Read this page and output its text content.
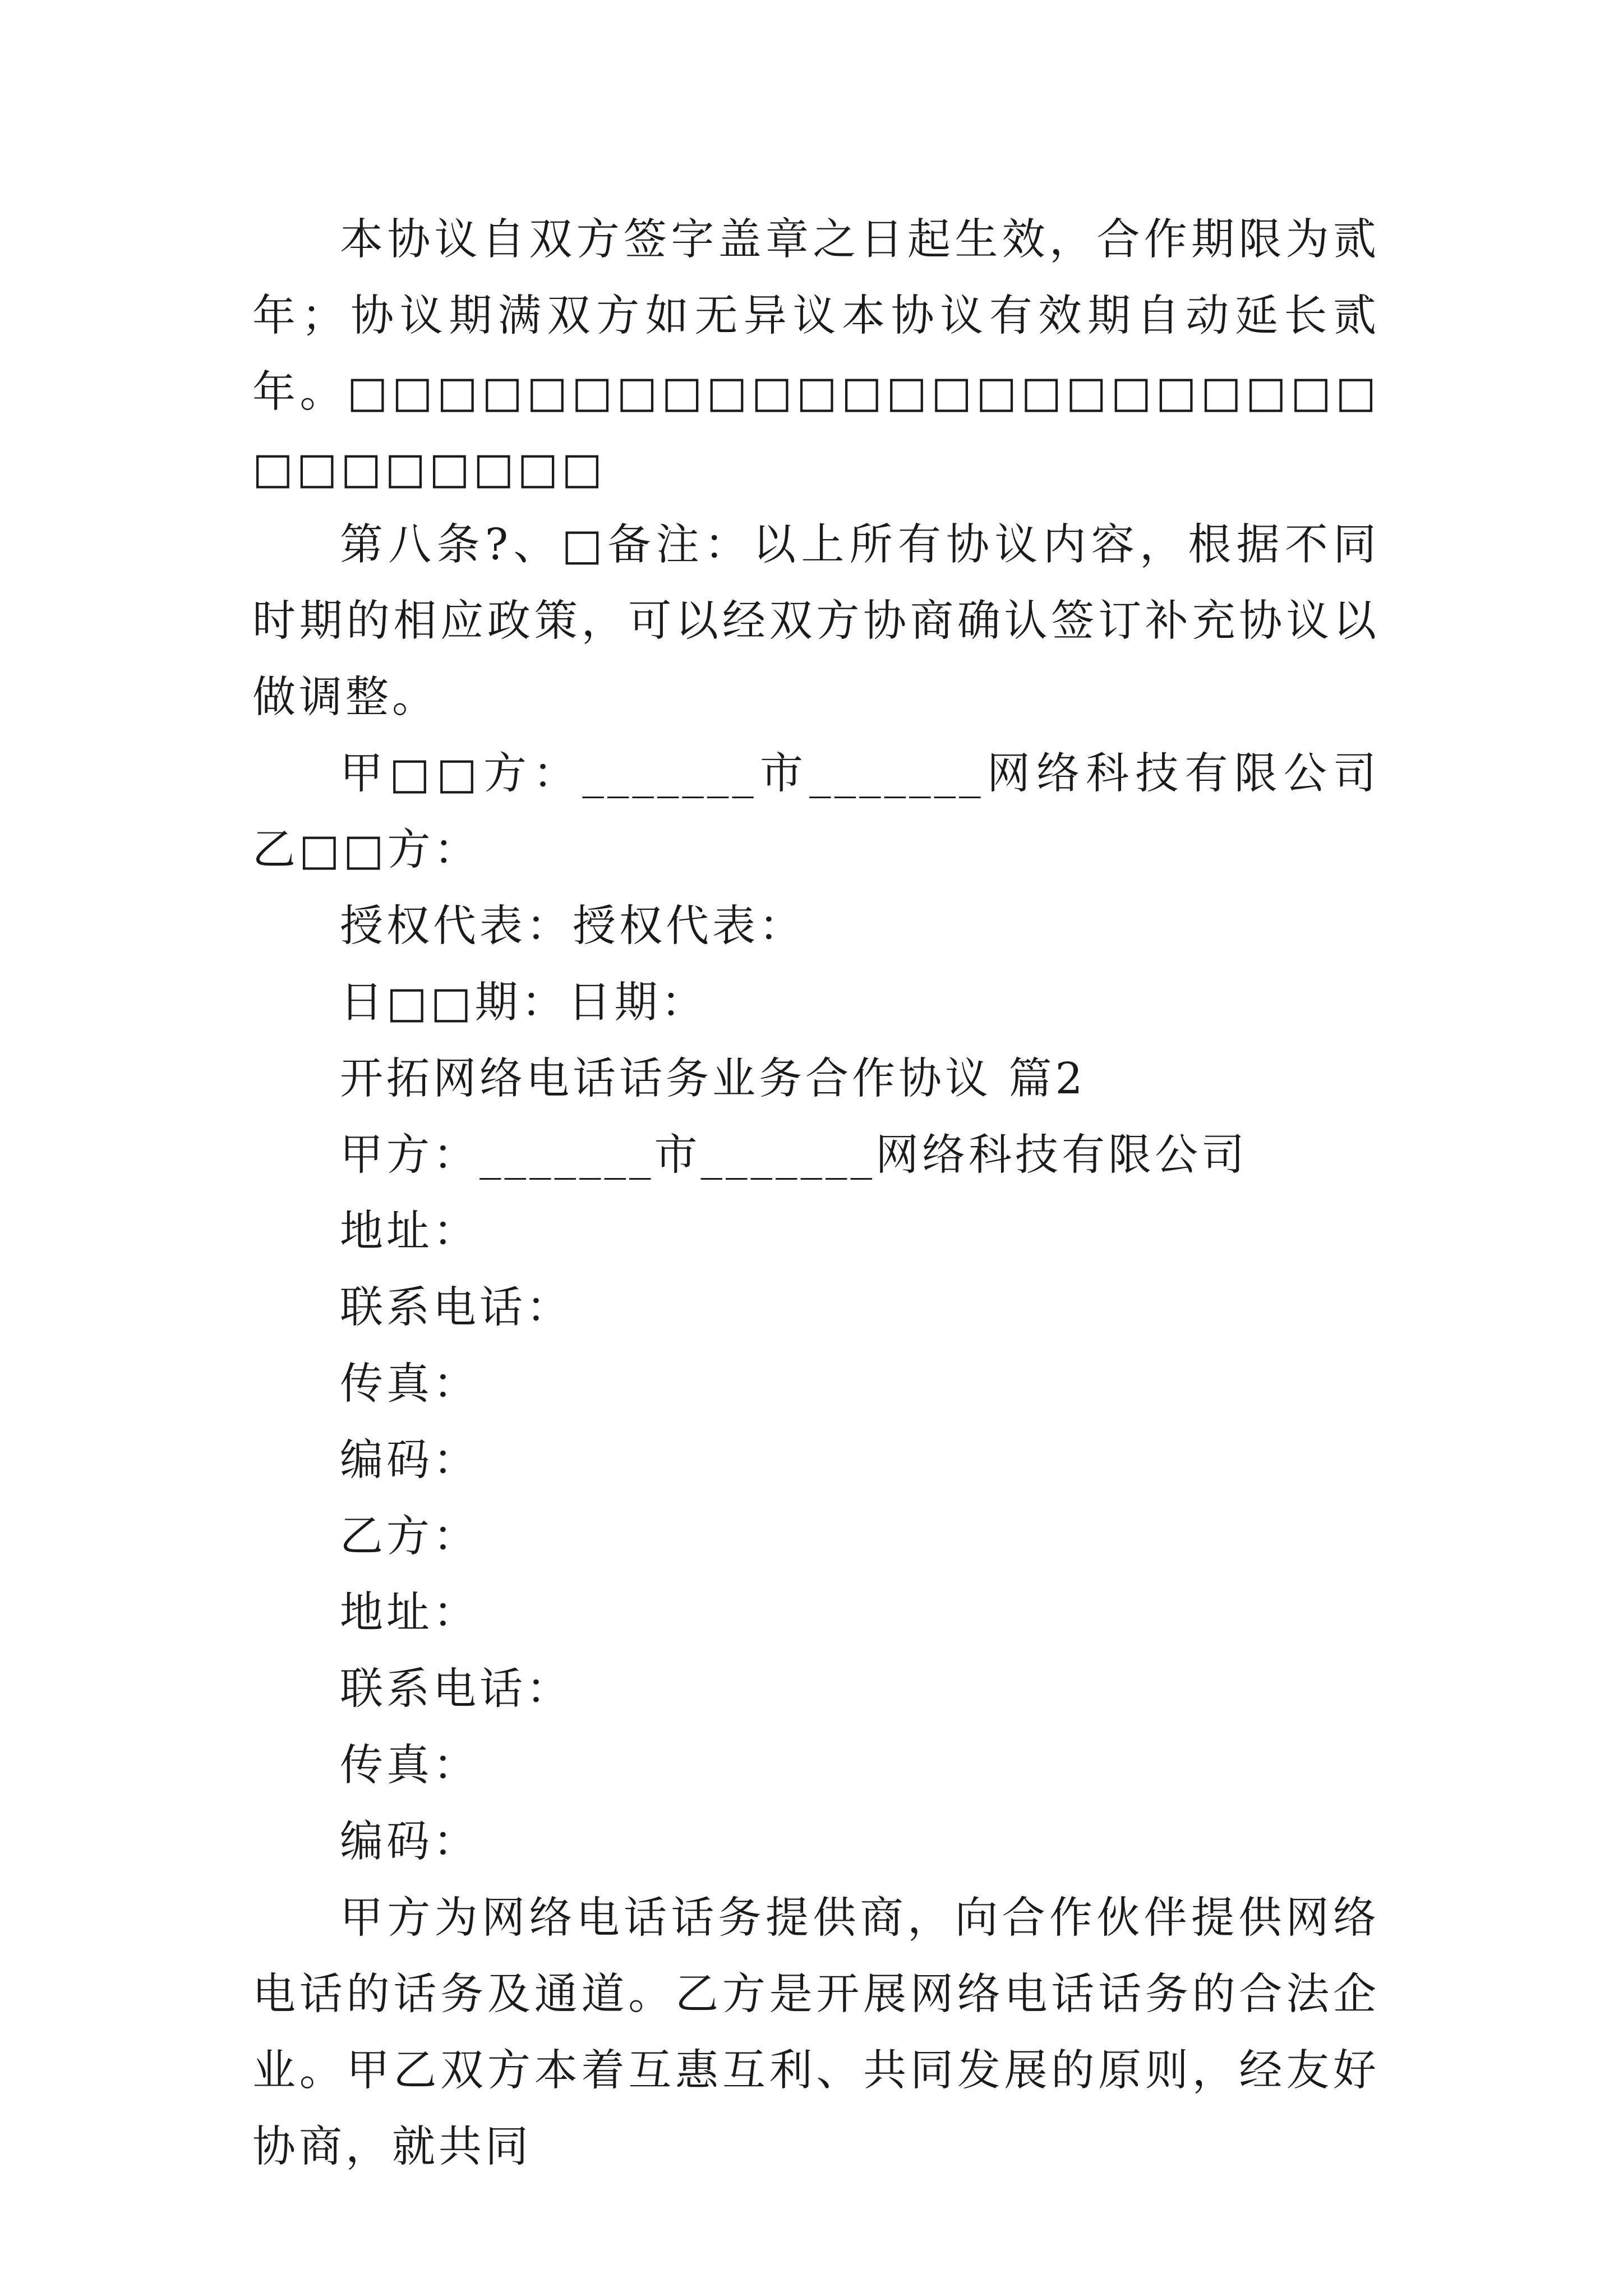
本协议自双方签字盖章之日起生效，合作期限为贰年；协议期满双方如无异议本协议有效期自动延长贰年。□□□□□□□□□□□□□□□□□□□□□□□□□□□□□□□

第八条?、□备注：以上所有协议内容，根据不同时期的相应政策，可以经双方协商确认签订补充协议以做调整。

甲□□方：_______市_______网络科技有限公司乙□□方：

授权代表：授权代表：

日□□期：日期：

开拓网络电话话务业务合作协议 篇2

甲方：_______市_______网络科技有限公司

地址：

联系电话：

传真：

编码：

乙方：

地址：

联系电话：

传真：

编码：

甲方为网络电话话务提供商，向合作伙伴提供网络电话的话务及通道。乙方是开展网络电话话务的合法企业。甲乙双方本着互惠互利、共同发展的原则，经友好协商，就共同
